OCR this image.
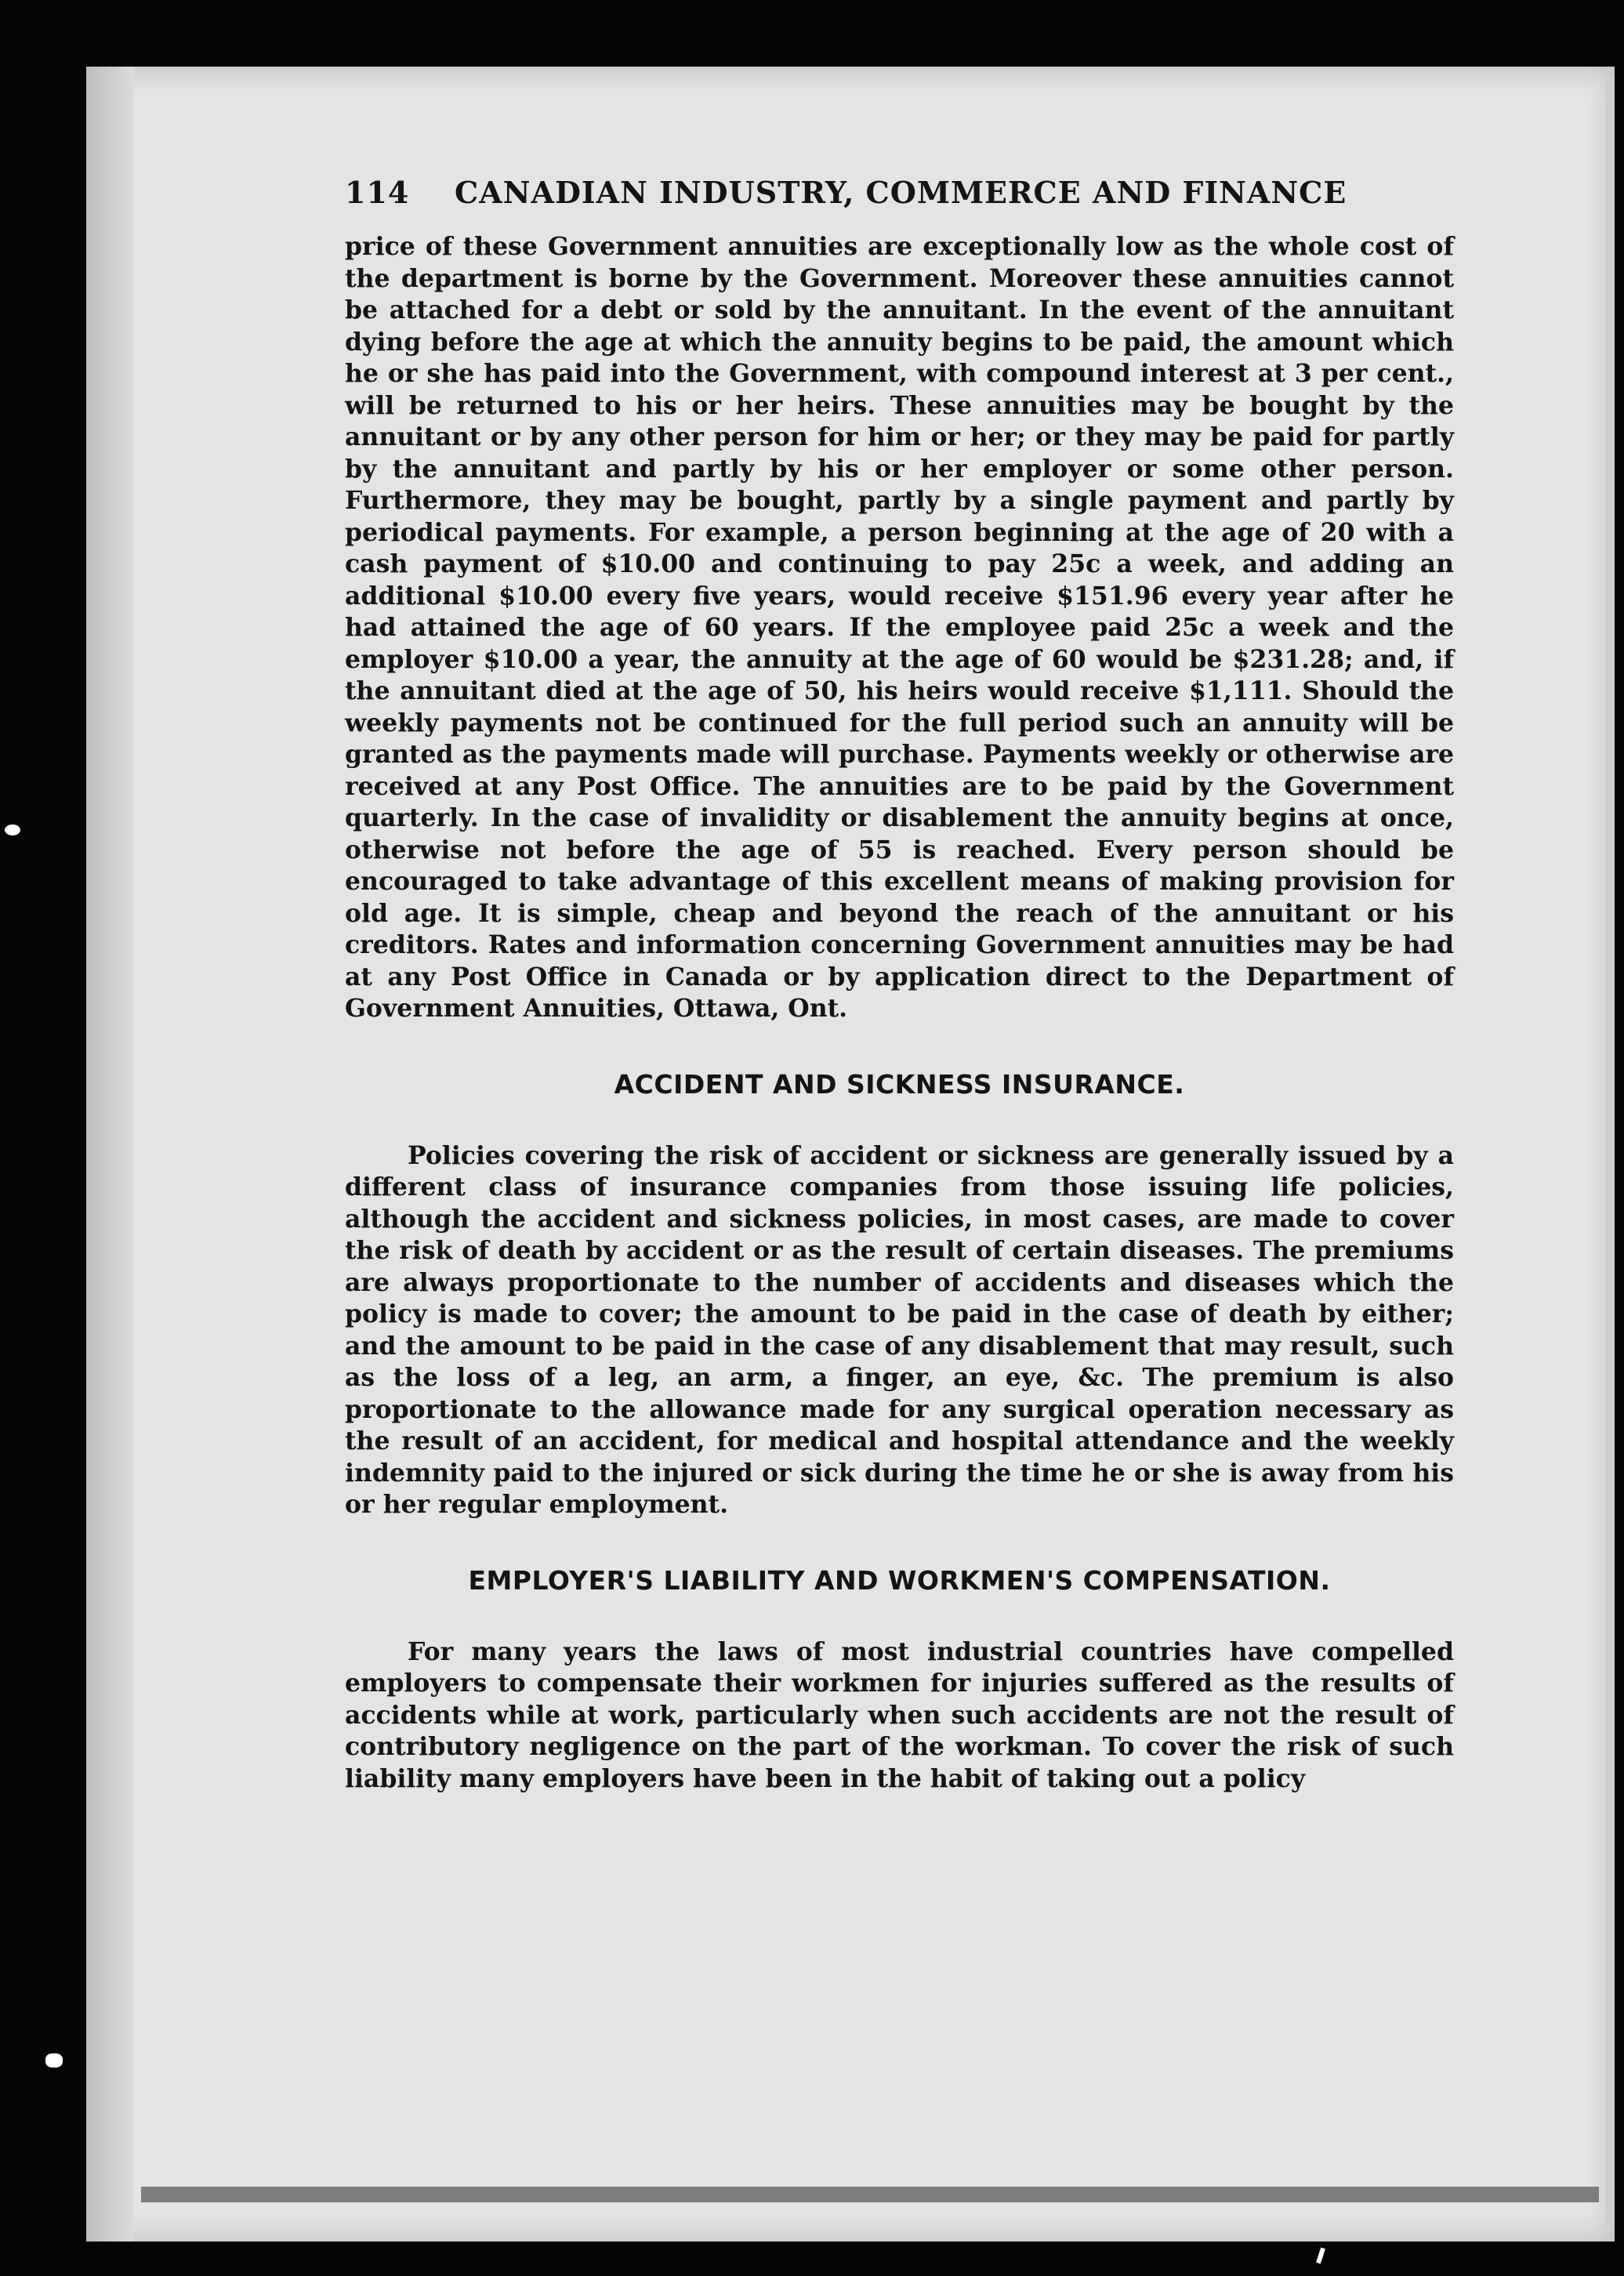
114 CANADIAN INDUSTRY, COMMERCE AND FINANCE

price of these Government annuities are exceptionally low as the whole cost of the department is borne by the Government. Moreover these annuities cannot be attached for a debt or sold by the annuitant. In the event of the annuitant dying before the age at which the annuity begins to be paid, the amount which he or she has paid into the Government, with compound interest at 3 per cent., will be returned to his or her heirs. These annuities may be bought by the annuitant or by any other person for him or her; or they may be paid for partly by the annuitant and partly by his or her employer or some other person. Furthermore, they may be bought, partly by a single payment and partly by periodical payments. For example, a person beginning at the age of 20 with a cash payment of $10.00 and continuing to pay 25c a week, and adding an additional $10.00 every five years, would receive $151.96 every year after he had attained the age of 60 years. If the employee paid 25c a week and the employer $10.00 a year, the annuity at the age of 60 would be $231.28; and, if the annuitant died at the age of 50, his heirs would receive $1,111. Should the weekly payments not be continued for the full period such an annuity will be granted as the payments made will purchase. Payments weekly or otherwise are received at any Post Office. The annuities are to be paid by the Government quarterly. In the case of invalidity or disablement the annuity begins at once, otherwise not before the age of 55 is reached. Every person should be encouraged to take advantage of this excellent means of making provision for old age. It is simple, cheap and beyond the reach of the annuitant or his creditors. Rates and information concerning Government annuities may be had at any Post Office in Canada or by application direct to the Department of Government Annuities, Ottawa, Ont.

ACCIDENT AND SICKNESS INSURANCE.

Policies covering the risk of accident or sickness are generally issued by a different class of insurance companies from those issuing life policies, although the accident and sickness policies, in most cases, are made to cover the risk of death by accident or as the result of certain diseases. The premiums are always proportionate to the number of accidents and diseases which the policy is made to cover; the amount to be paid in the case of death by either; and the amount to be paid in the case of any disablement that may result, such as the loss of a leg, an arm, a finger, an eye, &c. The premium is also proportionate to the allowance made for any surgical operation necessary as the result of an accident, for medical and hospital attendance and the weekly indemnity paid to the injured or sick during the time he or she is away from his or her regular employment.

EMPLOYER'S LIABILITY AND WORKMEN'S COMPENSATION.

For many years the laws of most industrial countries have compelled employers to compensate their workmen for injuries suffered as the results of accidents while at work, particularly when such accidents are not the result of contributory negligence on the part of the workman. To cover the risk of such liability many employers have been in the habit of taking out a policy
